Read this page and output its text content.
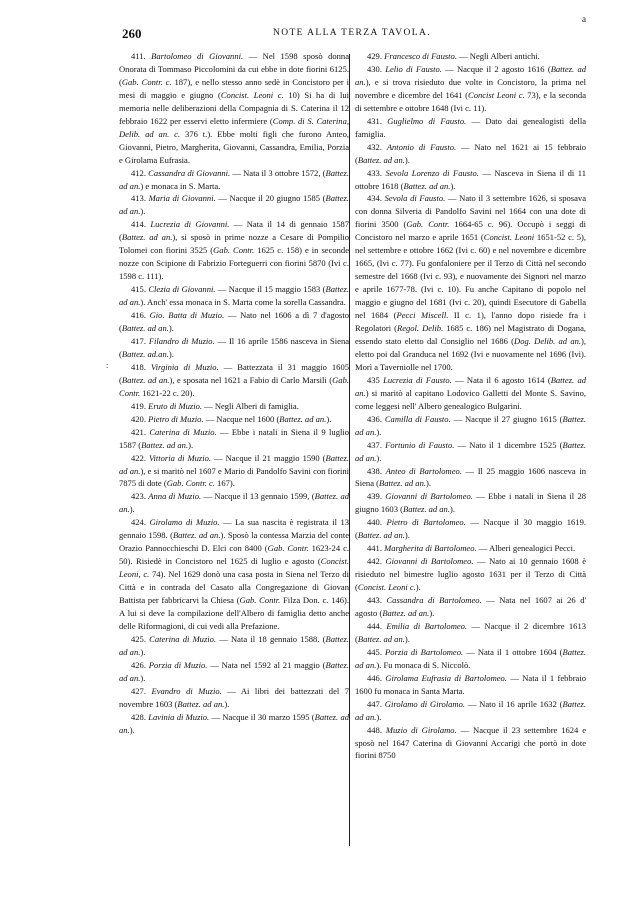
260	NOTE ALLA TERZA TAVOLA.
a
:

411. Bartolomeo di Giovanni. — Nel 1598 sposò donna Onorata di Tommaso Piccolomini da cui ebbe in dote fiorini 6125. (Gab. Contr. c. 187), e nello stesso anno sedè in Concistoro per i mesi di maggio e giugno (Concist. Leoni c. 10) Si ha di lui memoria nelle deliberazioni della Compagnia di S. Caterina il 12 febbraio 1622 per esservi eletto infermiere (Comp. di S. Caterina, Delib. ad an. c. 376 t.). Ebbe molti figli che furono Anteo, Giovanni, Pietro, Margherita, Giovanni, Cassandra, Emilia, Porzia e Girolama Eufrasia.

412. Cassandra di Giovanni. — Nata il 3 ottobre 1572, (Battez. ad an.) e monaca in S. Marta.

413. Maria di Giovanni. — Nacque il 20 giugno 1585 (Battez. ad an.).

414. Lucrezia di Giovanni. — Nata il 14 di gennaio 1587 (Battez. ad an.), si sposò in prime nozze a Cesare di Pompilio Tolomei con fiorini 3525 (Gab. Contr. 1625 c. 158) e in seconde nozze con Scipione di Fabrizio Forteguerri con fiorini 5870 (Ivi c. 1598 c. 111).

415. Clezia di Giovanni. — Nacque il 15 maggio 1583 (Battez. ad an.). Anch' essa monaca in S. Marta come la sorella Cassandra.

416. Gio. Batta di Muzio. — Nato nel 1606 a dì 7 d'agosto (Battez. ad an.).

417. Filandro di Muzio. — Il 16 aprile 1586 nasceva in Siena (Battez. ad.an.).

418. Virginia di Muzio. — Battezzata il 31 maggio 1605 (Battez. ad an.), e sposata nel 1621 a Fabio di Carlo Marsili (Gab. Contr. 1621-22 c. 20).

419. Eruto di Muzio. — Negli Alberi di famiglia.

420. Pietro di Muzio. — Nacque nel 1600 (Battez. ad an.).

421. Caterina di Muzio. — Ebbe i natali in Siena il 9 luglio 1587 (Battez. ad an.).

422. Vittoria di Muzio. — Nacque il 21 maggio 1590 (Battez. ad an.), e si maritò nel 1607 e Mario di Pandolfo Savini con fiorini 7875 di dote (Gab. Contr. c. 167).

423. Anna di Muzio. — Nacque il 13 gennaio 1599, (Battez. ad an.).

424. Girolamo di Muzio. — La sua nascita è registrata il 13 gennaio 1598. (Battez. ad an.). Sposò la contessa Marzia del conte Orazio Pannocchieschi D. Elci con 8400 (Gab. Contr. 1623-24 c. 50). Risiedè in Concistoro nel 1625 di luglio e agosto (Concist. Leoni, c. 74). Nel 1629 donò una casa posta in Siena nel Terzo di Città e in contrada del Casato alla Congregazione di Giovan Battista per fabbricarvi la Chiesa (Gab. Contr. Filza Don. c. 146). A lui si deve la compilazione dell'Albero di famiglia detto anche delle Riformagioni, di cui vedi alla Prefazione.

425. Caterina di Muzio. — Nata il 18 gennaio 1588. (Battez. ad an.).

426. Porzia di Muzio. — Nata nel 1592 al 21 maggio (Battez. ad an.).

427. Evandro di Muzio. — Ai libri dei battezzati del 7 novembre 1603 (Battez. ad an.).

428. Lavinia di Muzio. — Nacque il 30 marzo 1595 (Battez. ad an.).

429. Francesco di Fausto. — Negli Alberi antichi.

430. Lelio di Fausto. — Nacque il 2 agosto 1616 (Battez. ad an.), e si trova risieduto due volte in Concistoro, la prima nel novembre e dicembre del 1641 (Concist Leoni c. 73), e la seconda di settembre e ottobre 1648 (Ivi c. 11).

431. Guglielmo di Fausto. — Dato dai genealogisti della famiglia.

432. Antonio di Fausto. — Nato nel 1621 ai 15 febbraio (Battez. ad an.).

433. Sevola Lorenzo di Fausto. — Nasceva in Siena il di 11 ottobre 1618 (Battez. ad an.).

434. Sevola di Fausto. — Nato il 3 settembre 1626, si sposava con donna Silveria di Pandolfo Savini nel 1664 con una dote di fiorini 3500 (Gab. Contr. 1664-65 c. 96). Occupò i seggi di Concistoro nel marzo e aprile 1651 (Concist. Leoni 1651-52 c. 5), nel settembre e ottobre 1662 (Ivi c. 60) e nel novembre e dicembre 1665, (Ivi c. 77). Fu gonfaloniere per il Terzo di Città nel secondo semestre del 1668 (Ivi c. 93), e nuovamente dei Signori nel marzo e aprile 1677-78. (Ivi c. 10). Fu anche Capitano di popolo nel maggio e giugno del 1681 (Ivi c. 20), quindi Esecutore di Gabella nel 1684 (Pecci Miscell. II c. 1), l'anno dopo risiede fra i Regolatori (Regol. Delib. 1685 c. 186) nel Magistrato di Dogana, essendo stato eletto dal Consiglio nel 1686 (Dog. Delib. ad an.), eletto poi dal Granduca nel 1692 (Ivi e nuovamente nel 1696 (Ivi). Morì a Taverniolle nel 1700.

435 Lucrezia di Fausto. — Nata il 6 agosto 1614 (Battez. ad an.) si maritò al capitano Lodovico Galletti del Monte S. Savino, come leggesi nell' Albero genealogico Bulgarini.

436. Camilla di Fausto. — Nacque il 27 giugno 1615 (Battez. ad an.).

437. Fortunio di Fausto. — Nato il 1 dicembre 1525 (Battez. ad an.).

438. Anteo di Bartolomeo. — Il 25 maggio 1606 nasceva in Siena (Battez. ad an.).

439. Giovanni di Bartolomeo. — Ebbe i natali in Siena il 28 giugno 1603 (Battez. ad an.).

440. Pietro di Bartolomeo. — Nacque il 30 maggio 1619. (Battez. ad an.).

441. Margherita di Bartolomeo. — Alberi genealogici Pecci.

442. Giovanni di Bartolomeo. — Nato ai 10 gennaio 1608 è risieduto nel bimestre luglio agosto 1631 per il Terzo di Città (Concist. Leoni c.).

443. Cassandra di Bartolomeo. — Nata nel 1607 ai 26 d' agosto (Battez. ad an.).

444. Emilia di Bartolomeo. — Nacque il 2 dicembre 1613 (Battez. ad an.).

445. Porzia di Bartolomeo. — Nata il 1 ottobre 1604 (Battez. ad an.). Fu monaca di S. Niccolò.

446. Girolama Eufrasia di Bartolomeo. — Nata il 1 febbraio 1600 fu monaca in Santa Marta.

447. Girolamo di Girolamo. — Nato il 16 aprile 1632 (Battez. ad an.).

448. Muzio di Girolamo. — Nacque il 23 settembre 1624 e sposò nel 1647 Caterina di Giovanni Accarigi che portò in dote fiorini 8750
